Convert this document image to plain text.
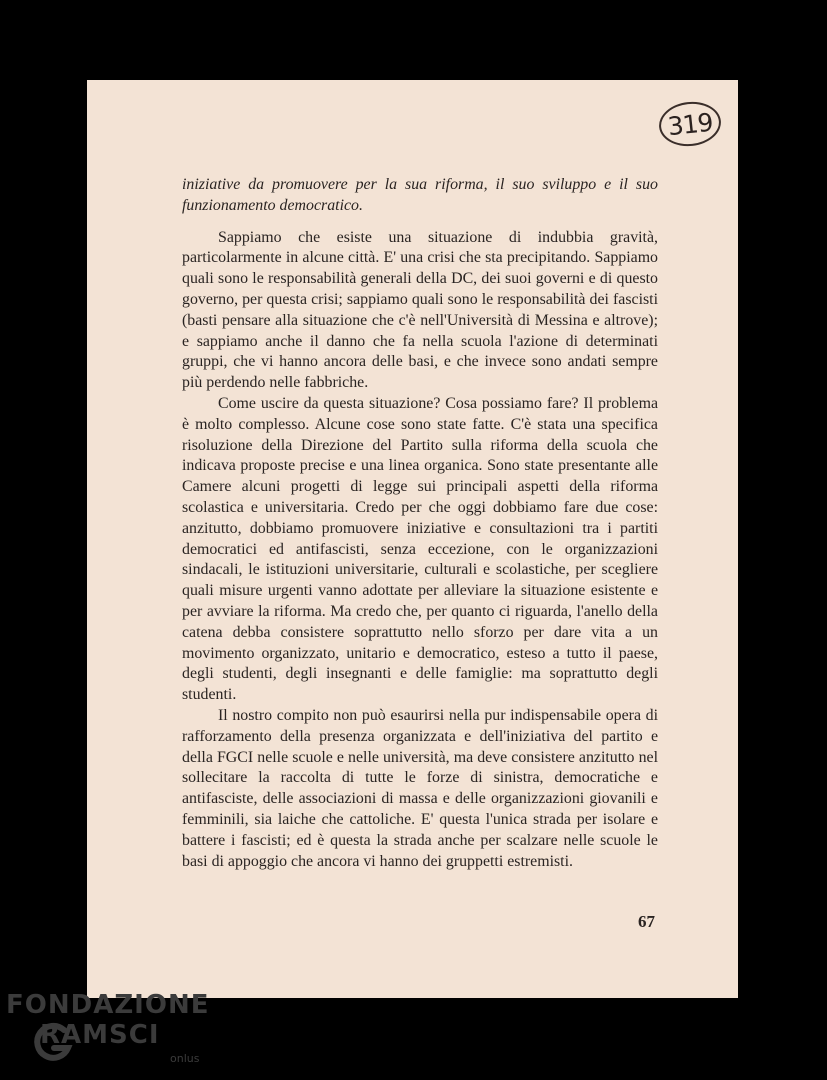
319

iniziative da promuovere per la sua riforma, il suo sviluppo e il suo funzionamento democratico.

Sappiamo che esiste una situazione di indubbia gravità, particolarmente in alcune città. E' una crisi che sta precipitando. Sappiamo quali sono le responsabilità generali della DC, dei suoi governi e di questo governo, per questa crisi; sappiamo quali sono le responsabilità dei fascisti (basti pensare alla situazione che c'è nell'Università di Messina e altrove); e sappiamo anche il danno che fa nella scuola l'azione di determinati gruppi, che vi hanno ancora delle basi, e che invece sono andati sempre più perdendo nelle fabbriche.

Come uscire da questa situazione? Cosa possiamo fare? Il problema è molto complesso. Alcune cose sono state fatte. C'è stata una specifica risoluzione della Direzione del Partito sulla riforma della scuola che indicava proposte precise e una linea organica. Sono state presentante alle Camere alcuni progetti di legge sui principali aspetti della riforma scolastica e universitaria. Credo per che oggi dobbiamo fare due cose: anzitutto, dobbiamo promuovere iniziative e consultazioni tra i partiti democratici ed antifascisti, senza eccezione, con le organizzazioni sindacali, le istituzioni universitarie, culturali e scolastiche, per scegliere quali misure urgenti vanno adottate per alleviare la situazione esistente e per avviare la riforma. Ma credo che, per quanto ci riguarda, l'anello della catena debba consistere soprattutto nello sforzo per dare vita a un movimento organizzato, unitario e democratico, esteso a tutto il paese, degli studenti, degli insegnanti e delle famiglie: ma soprattutto degli studenti.

Il nostro compito non può esaurirsi nella pur indispensabile opera di rafforzamento della presenza organizzata e dell'iniziativa del partito e della FGCI nelle scuole e nelle università, ma deve consistere anzitutto nel sollecitare la raccolta di tutte le forze di sinistra, democratiche e antifasciste, delle associazioni di massa e delle organizzazioni giovanili e femminili, sia laiche che cattoliche. E' questa l'unica strada per isolare e battere i fascisti; ed è questa la strada anche per scalzare nelle scuole le basi di appoggio che ancora vi hanno dei gruppetti estremisti.

67
FONDAZIONE
RAMSCI
onlus
